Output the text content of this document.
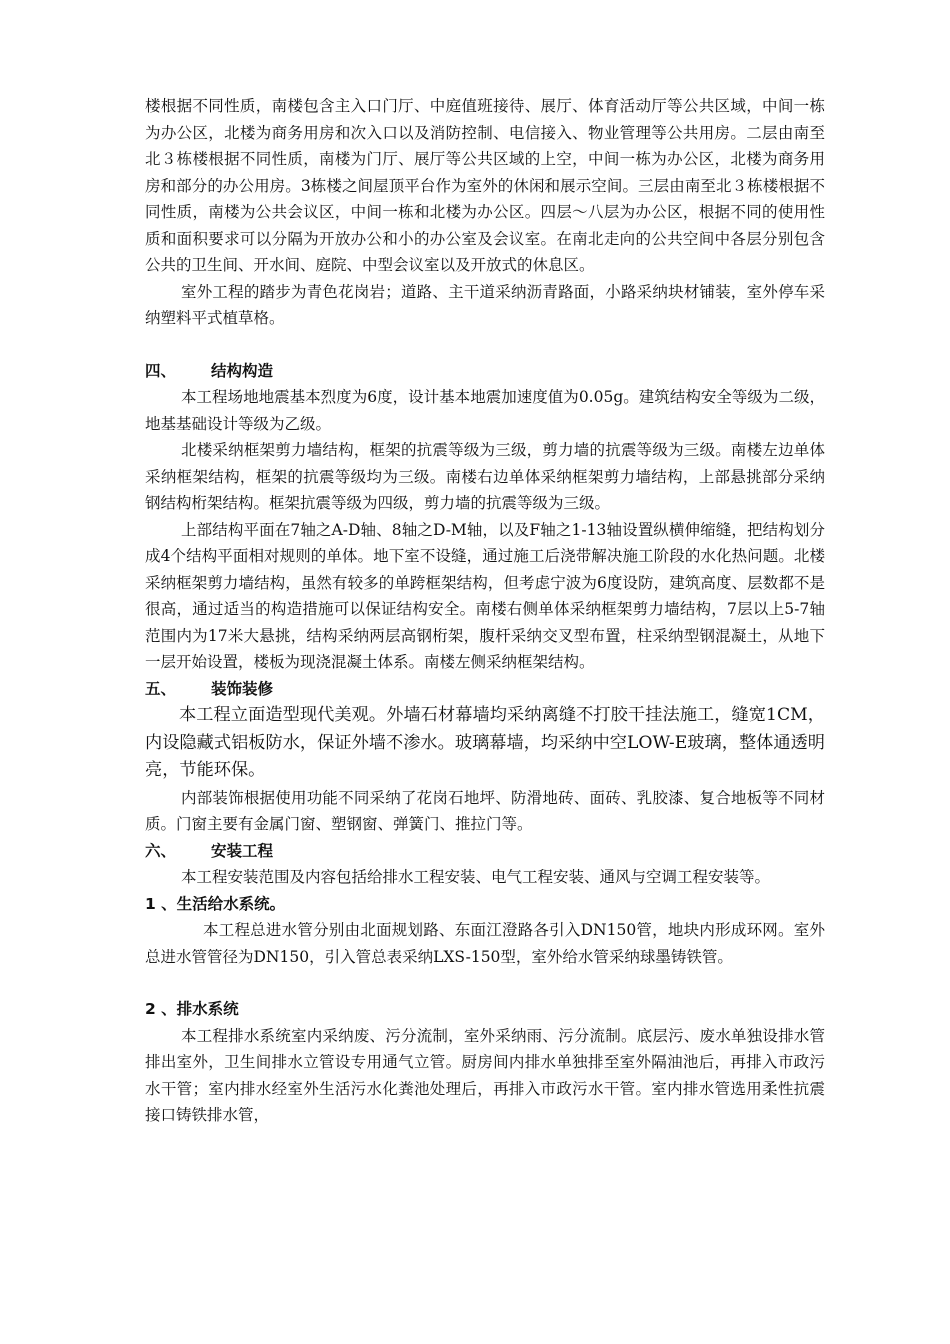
楼根据不同性质，南楼包含主入口门厅、中庭值班接待、展厅、体育活动厅等公共区域，中间一栋为办公区，北楼为商务用房和次入口以及消防控制、电信接入、物业管理等公共用房。二层由南至北３栋楼根据不同性质，南楼为门厅、展厅等公共区域的上空，中间一栋为办公区，北楼为商务用房和部分的办公用房。3栋楼之间屋顶平台作为室外的休闲和展示空间。三层由南至北３栋楼根据不同性质，南楼为公共会议区，中间一栋和北楼为办公区。四层～八层为办公区，根据不同的使用性质和面积要求可以分隔为开放办公和小的办公室及会议室。在南北走向的公共空间中各层分别包含公共的卫生间、开水间、庭院、中型会议室以及开放式的休息区。

室外工程的踏步为青色花岗岩；道路、主干道采纳沥青路面，小路采纳块材铺装，室外停车采纳塑料平式植草格。

四、 结构构造

本工程场地地震基本烈度为6度，设计基本地震加速度值为0.05g。建筑结构安全等级为二级，地基基础设计等级为乙级。

北楼采纳框架剪力墙结构，框架的抗震等级为三级，剪力墙的抗震等级为三级。南楼左边单体采纳框架结构，框架的抗震等级均为三级。南楼右边单体采纳框架剪力墙结构，上部悬挑部分采纳钢结构桁架结构。框架抗震等级为四级，剪力墙的抗震等级为三级。

上部结构平面在7轴之A-D轴、8轴之D-M轴，以及F轴之1-13轴设置纵横伸缩缝，把结构划分成4个结构平面相对规则的单体。地下室不设缝，通过施工后浇带解决施工阶段的水化热问题。北楼采纳框架剪力墙结构，虽然有较多的单跨框架结构，但考虑宁波为6度设防，建筑高度、层数都不是很高，通过适当的构造措施可以保证结构安全。南楼右侧单体采纳框架剪力墙结构，7层以上5-7轴范围内为17米大悬挑，结构采纳两层高钢桁架，腹杆采纳交叉型布置，柱采纳型钢混凝土，从地下一层开始设置，楼板为现浇混凝土体系。南楼左侧采纳框架结构。

五、 装饰装修

本工程立面造型现代美观。外墙石材幕墙均采纳离缝不打胶干挂法施工，缝宽1CM，内设隐藏式铝板防水，保证外墙不渗水。玻璃幕墙，均采纳中空LOW-E玻璃，整体通透明亮，节能环保。

内部装饰根据使用功能不同采纳了花岗石地坪、防滑地砖、面砖、乳胶漆、复合地板等不同材质。门窗主要有金属门窗、塑钢窗、弹簧门、推拉门等。

六、 安装工程

本工程安装范围及内容包括给排水工程安装、电气工程安装、通风与空调工程安装等。

1 、生活给水系统。

本工程总进水管分别由北面规划路、东面江澄路各引入DN150管，地块内形成环网。室外总进水管管径为DN150，引入管总表采纳LXS-150型，室外给水管采纳球墨铸铁管。

2 、排水系统

本工程排水系统室内采纳废、污分流制，室外采纳雨、污分流制。底层污、废水单独设排水管排出室外，卫生间排水立管设专用通气立管。厨房间内排水单独排至室外隔油池后，再排入市政污水干管；室内排水经室外生活污水化粪池处理后，再排入市政污水干管。室内排水管选用柔性抗震接口铸铁排水管，
